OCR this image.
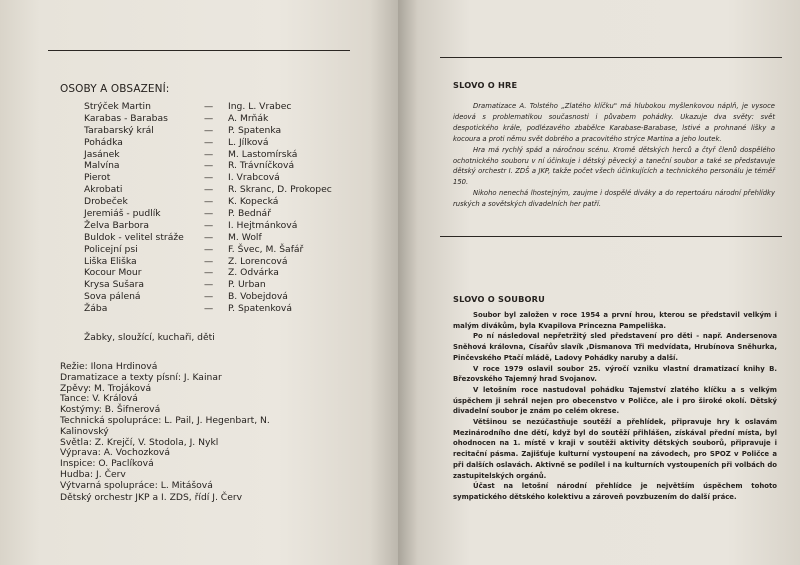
OSOBY A OBSAZENÍ:
Strýček Martin	— Ing. L. Vrabec
Karabas - Barabas	— A. Mrňák
Tarabarský král	— P. Spatenka
Pohádka	— L. Jílková
Jasánek	— M. Lastomírská
Malvína	— R. Trávníčková
Pierot	— I. Vrabcová
Akrobati	— R. Skranc, D. Prokopec
Drobeček	— K. Kopecká
Jeremiáš - pudlík	— P. Bednář
Želva Barbora	— I. Hejtmánková
Buldok - velitel stráže — M. Wolf
Policejní psi	— F. Švec, M. Šafář
Liška Eliška	— Z. Lorencová
Kocour Mour	— Z. Odvárka
Krysa Sušara	— P. Urban
Sova pálená	— B. Vobejdová
Žába	— P. Spatenková
Žabky, sloužící, kuchaři, děti
Režie: Ilona Hrdinová
Dramatizace a texty písní: J. Kainar
Zpěvy: M. Trojáková
Tance: V. Králová
Kostýmy: B. Šifnerová
Technická spolupráce: L. Pail, J. Hegenbart, N.
Kalinovský
Světla: Z. Krejčí, V. Stodola, J. Nykl
Výprava: A. Vochozková
Inspice: O. Paclíková
Hudba: J. Červ
Výtvarná spolupráce: L. Mitášová
Dětský orchestr JKP a I. ZDS, řídí J. Červ
SLOVO O HRE

Dramatizace A. Tolstého „Zlatého klíčku" má hlubokou myšlenkovou náplň, je vysoce ideová s problematikou současnosti i půvabem pohádky. Ukazuje dva světy: svět despotického krále, podlézavého zbabělce Karabase-Barabase, lstivé a prohnané lišky a kocoura a proti němu svět dobrého a pracovitého strýce Martina a jeho loutek.

Hra má rychlý spád a náročnou scénu. Kromě dětských herců a čtyř členů dospělého ochotnického souboru v ní účinkuje i dětský pěvecký a taneční soubor a také se představuje dětský orchestr I. ZDŠ a JKP, takže počet všech účinkujících a technického personálu je téměř 150.

Nikoho nenechá lhostejným, zaujme i dospělé diváky a do repertoáru národní přehlídky ruských a sovětských divadelních her patří.

SLOVO O SOUBORU

Soubor byl založen v roce 1954 a první hrou, kterou se představil velkým i malým divákům, byla Kvapilova Princezna Pampeliška.

Po ní následoval nepřetržitý sled představení pro děti - např. Andersenova Sněhová královna, Císařův slavík ,Dismanova Tři medvídata, Hrubínova Sněhurka, Pinčevského Ptačí mládě, Ladovy Pohádky naruby a další.

V roce 1979 oslavil soubor 25. výročí vzniku vlastní dramatizací knihy B. Březovského Tajemný hrad Svojanov.

V letošním roce nastudoval pohádku Tajemství zlatého klíčku a s velkým úspěchem ji sehrál nejen pro obecenstvo v Poličce, ale i pro široké okolí. Dětský divadelní soubor je znám po celém okrese.

Většinou se nezúčastňuje soutěží a přehlídek, připravuje hry k oslavám Mezinárodního dne dětí, když byl do soutěží přihlášen, získával přední místa, byl ohodnocen na 1. místě v kraji v soutěži aktivity dětských souborů, připravuje i recitační pásma. Zajišťuje kulturní vystoupení na závodech, pro SPOZ v Poličce a při dalších oslavách. Aktivně se podílel i na kulturních vystoupeních při volbách do zastupitelských orgánů.

Účast na letošní národní přehlídce je největším úspěchem tohoto sympatického dětského kolektivu a zároveň povzbuzením do další práce.
